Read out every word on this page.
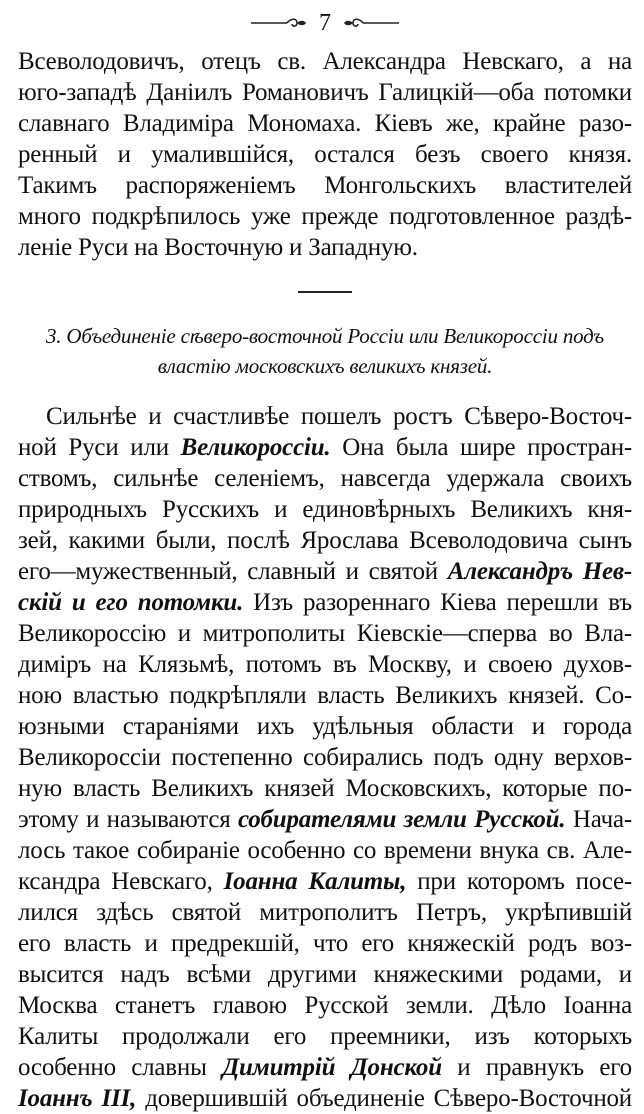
7
Всеволодовичъ, отецъ св. Александра Невскаго, а на
юго-западѣ Даніилъ Романовичъ Галицкій—оба потомки
славнаго Владиміра Мономаха. Кіевъ же, крайне разо-
ренный и умалившійся, остался безъ своего князя.
Такимъ распоряженіемъ Монгольскихъ властителей
много подкрѣпилось уже прежде подготовленное раздѣ-
леніе Руси на Восточную и Западную.
3. Объединеніе сѣверо-восточной Россіи или Великороссіи подъ
властію московскихъ великихъ князей.
Сильнѣе и счастливѣе пошелъ ростъ Сѣверо-Восточ-
ной Руси или Великороссіи. Она была шире простран-
ствомъ, сильнѣе селеніемъ, навсегда удержала своихъ
природныхъ Русскихъ и единовѣрныхъ Великихъ кня-
зей, какими были, послѣ Ярослава Всеволодовича сынъ
его—мужественный, славный и святой Александръ Нев-
скій и его потомки. Изъ разореннаго Кіева перешли въ
Великороссію и митрополиты Кіевскіе—сперва во Вла-
диміръ на Клязьмѣ, потомъ въ Москву, и своею духов-
ною властью подкрѣпляли власть Великихъ князей. Со-
юзными стараніями ихъ удѣльныя области и города
Великороссіи постепенно собирались подъ одну верхов-
ную власть Великихъ князей Московскихъ, которые по-
этому и называются собирателями земли Русской. Нача-
лось такое собираніе особенно со времени внука св. Але-
ксандра Невскаго, Іоанна Калиты, при которомъ посе-
лился здѣсь святой митрополитъ Петръ, укрѣпившій
его власть и предрекшій, что его княжескій родъ воз-
высится надъ всѣми другими княжескими родами, и
Москва станетъ главою Русской земли. Дѣло Іоанна
Калиты продолжали его преемники, изъ которыхъ
особенно славны Димитрій Донской и правнукъ его
Іоаннъ III, довершившій объединеніе Сѣверо-Восточной
